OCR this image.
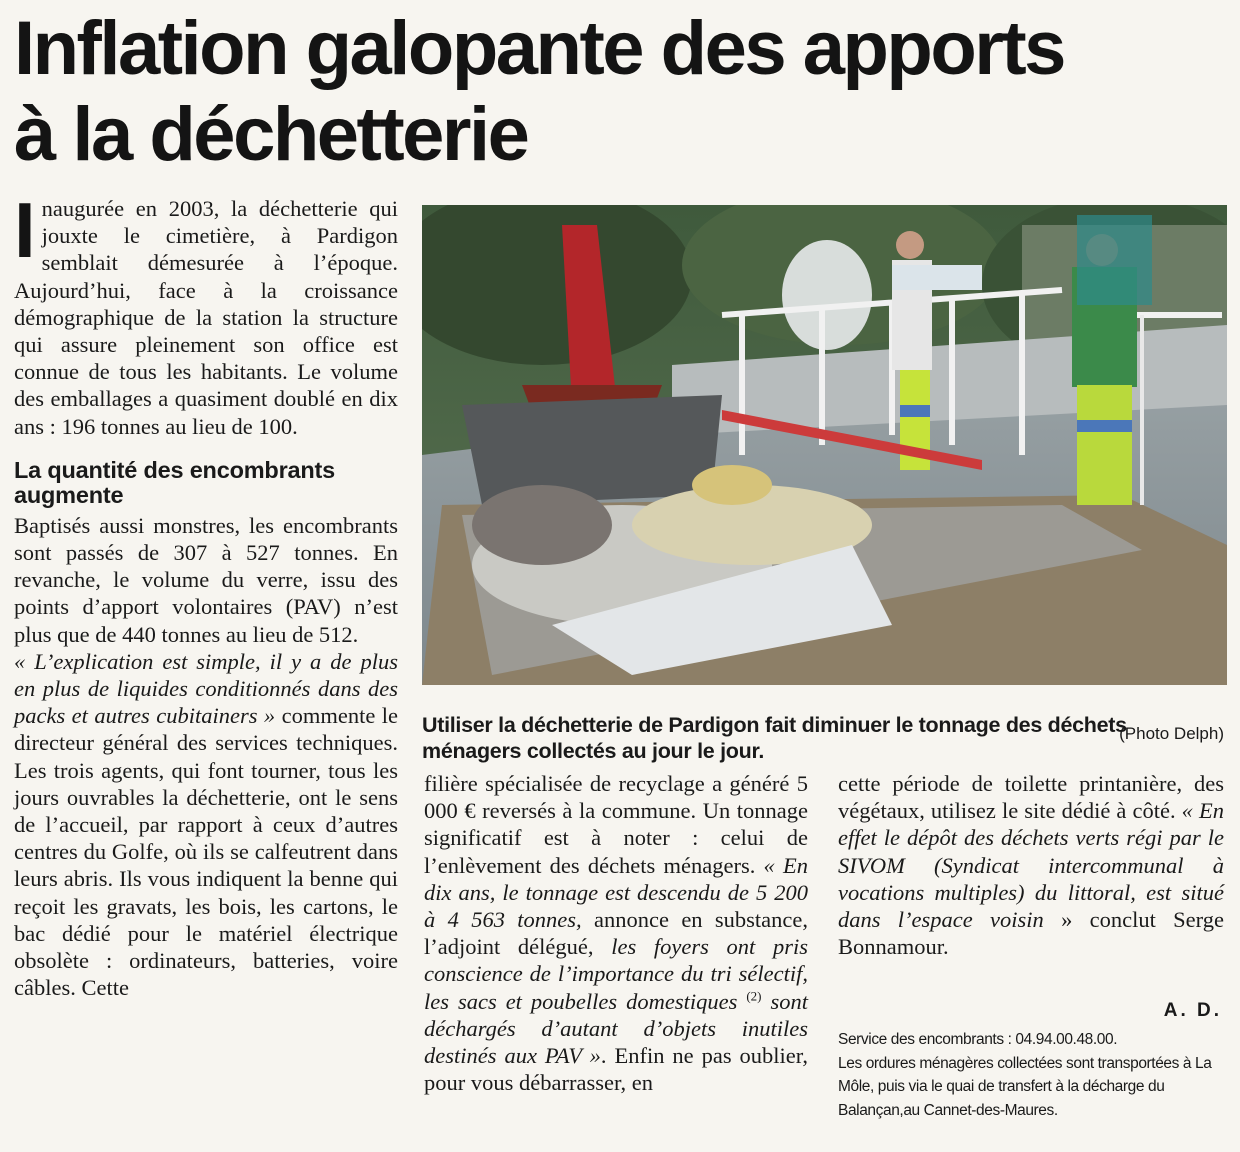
Inflation galopante des apports
à la déchetterie

Inaugurée en 2003, la déchetterie qui jouxte le cimetière, à Pardigon semblait démesurée à l’époque. Aujourd’hui, face à la croissance démographique de la station la structure qui assure pleinement son office est connue de tous les habitants. Le volume des emballages a quasiment doublé en dix ans : 196 tonnes au lieu de 100.

La quantité des encombrants augmente

Baptisés aussi monstres, les encombrants sont passés de 307 à 527 tonnes. En revanche, le volume du verre, issu des points d’apport volontaires (PAV) n’est plus que de 440 tonnes au lieu de 512.

« L’explication est simple, il y a de plus en plus de liquides conditionnés dans des packs et autres cubitainers » commente le directeur général des services techniques. Les trois agents, qui font tourner, tous les jours ouvrables la déchetterie, ont le sens de l’accueil, par rapport à ceux d’autres centres du Golfe, où ils se calfeutrent dans leurs abris. Ils vous indiquent la benne qui reçoit les gravats, les bois, les cartons, le bac dédié pour le matériel électrique obsolète : ordinateurs, batteries, voire câbles. Cette

Utiliser la déchetterie de Pardigon fait diminuer le tonnage des déchets ménagers collectés au jour le jour.

(Photo Delph)

filière spécialisée de recyclage a généré 5 000 € reversés à la commune. Un tonnage significatif est à noter : celui de l’enlèvement des déchets ménagers. « En dix ans, le tonnage est descendu de 5 200 à 4 563 tonnes, annonce en substance, l’adjoint délégué, les foyers ont pris conscience de l’importance du tri sélectif, les sacs et poubelles domestiques $^{(2)}$ sont déchargés d’autant d’objets inutiles destinés aux PAV ». Enfin ne pas oublier, pour vous débarrasser, en

cette période de toilette printanière, des végétaux, utilisez le site dédié à côté. « En effet le dépôt des déchets verts régi par le SIVOM (Syndicat intercommunal à vocations multiples) du littoral, est situé dans l’espace voisin » conclut Serge Bonnamour.

A. D.

Service des encombrants : 04.94.00.48.00.

Les ordures ménagères collectées sont transportées à La Môle, puis via le quai de transfert à la décharge du Balançan,au Cannet-des-Maures.
